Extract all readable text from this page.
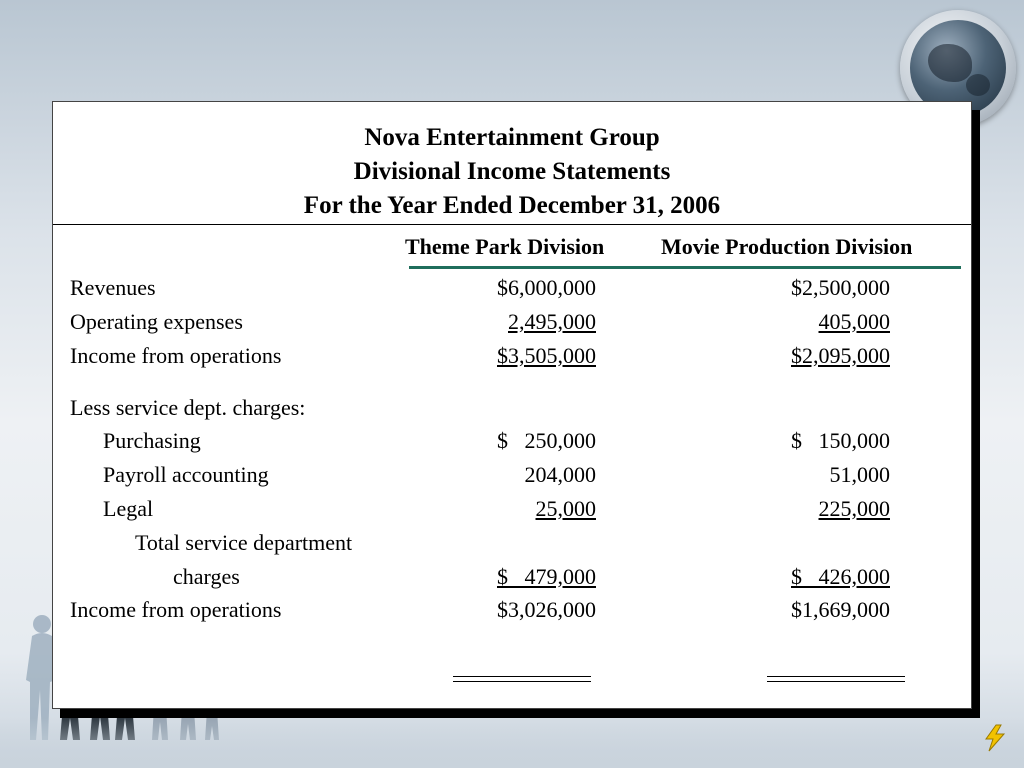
Nova Entertainment Group
Divisional Income Statements
For the Year Ended December 31, 2006
Theme Park Division	Movie Production Division
Revenues	$6,000,000	$2,500,000
Operating expenses	2,495,000	405,000
Income from operations	$3,505,000	$2,095,000
Less service dept. charges:
Purchasing	$   250,000	$   150,000
Payroll accounting	204,000	51,000
Legal	25,000	225,000
Total service department
charges	$   479,000	$   426,000
Income from operations	$3,026,000	$1,669,000
